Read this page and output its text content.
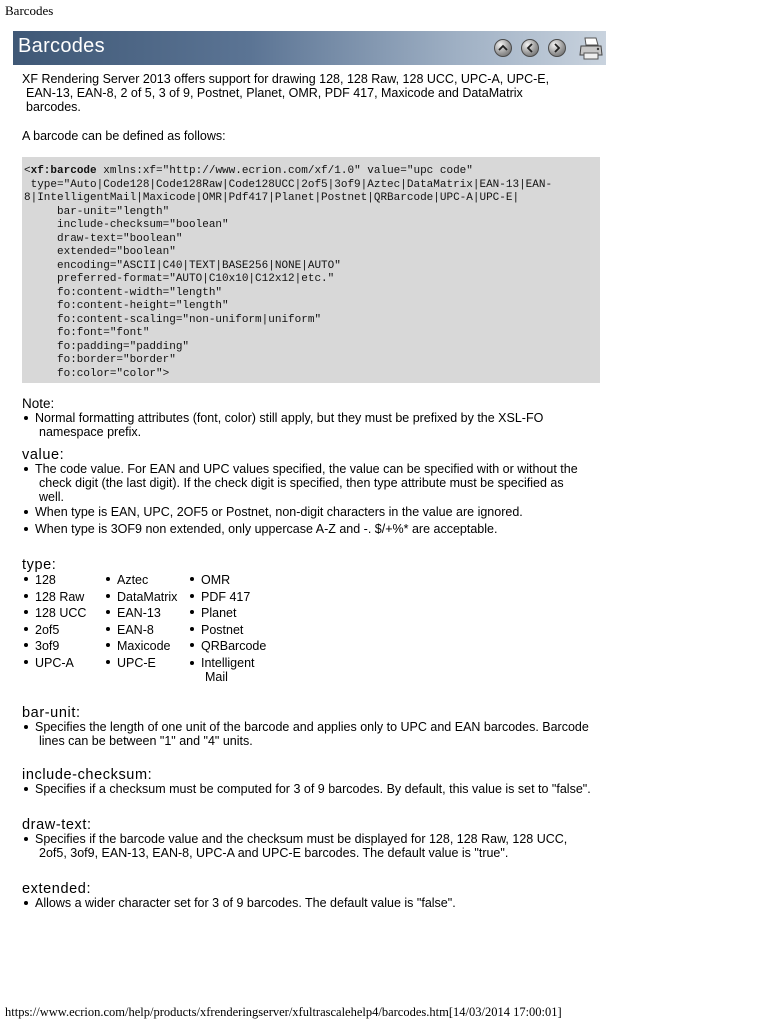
Barcodes
Barcodes
XF Rendering Server 2013 offers support for drawing 128, 128 Raw, 128 UCC, UPC-A, UPC-E,
EAN-13, EAN-8, 2 of 5, 3 of 9, Postnet, Planet, OMR, PDF 417, Maxicode and DataMatrix
barcodes.

A barcode can be defined as follows:

<xf:barcode xmlns:xf="http://www.ecrion.com/xf/1.0" value="upc code"
type="Auto|Code128|Code128Raw|Code128UCC|2of5|3of9|Aztec|DataMatrix|EAN-13|EAN-
8|IntelligentMail|Maxicode|OMR|Pdf417|Planet|Postnet|QRBarcode|UPC-A|UPC-E|
bar-unit="length"
include-checksum="boolean"
draw-text="boolean"
extended="boolean"
encoding="ASCII|C40|TEXT|BASE256|NONE|AUTO"
preferred-format="AUTO|C10x10|C12x12|etc."
fo:content-width="length"
fo:content-height="length"
fo:content-scaling="non-uniform|uniform"
fo:font="font"
fo:padding="padding"
fo:border="border"
fo:color="color">
Note:
Normal formatting attributes (font, color) still apply, but they must be prefixed by the XSL-FO
namespace prefix.
value:
The code value. For EAN and UPC values specified, the value can be specified with or without the
check digit (the last digit). If the check digit is specified, then type attribute must be specified as
well.
When type is EAN, UPC, 2OF5 or Postnet, non-digit characters in the value are ignored.
When type is 3OF9 non extended, only uppercase A-Z and -. $/+%* are acceptable.
type:
128
128 Raw
128 UCC
2of5
3of9
UPC-A
Aztec
DataMatrix
EAN-13
EAN-8
Maxicode
UPC-E
OMR
PDF 417
Planet
Postnet
QRBarcode
Intelligent
Mail
bar-unit:
Specifies the length of one unit of the barcode and applies only to UPC and EAN barcodes. Barcode
lines can be between "1" and "4" units.
include-checksum:
Specifies if a checksum must be computed for 3 of 9 barcodes. By default, this value is set to "false".
draw-text:
Specifies if the barcode value and the checksum must be displayed for 128, 128 Raw, 128 UCC,
2of5, 3of9, EAN-13, EAN-8, UPC-A and UPC-E barcodes. The default value is "true".
extended:
Allows a wider character set for 3 of 9 barcodes. The default value is "false".
https://www.ecrion.com/help/products/xfrenderingserver/xfultrascalehelp4/barcodes.htm[14/03/2014 17:00:01]
